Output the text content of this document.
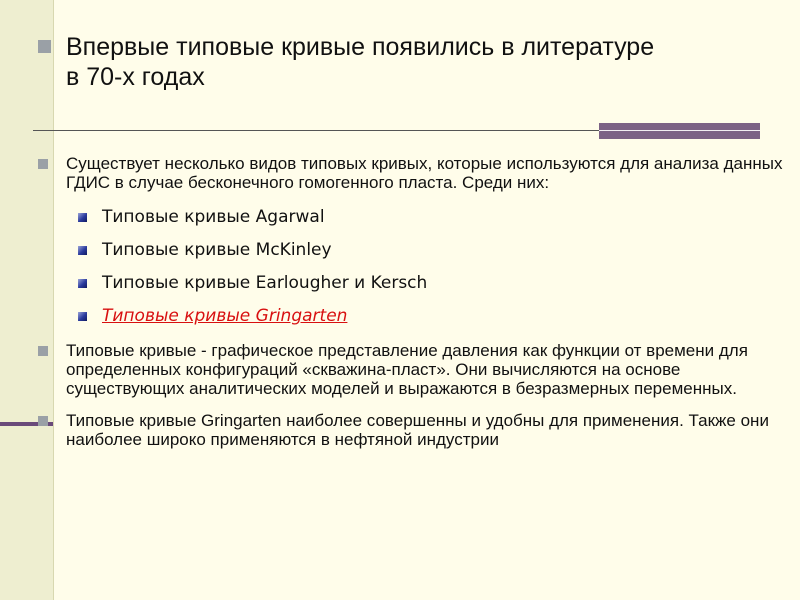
Впервые типовые кривые появились в литературе в 70-х годах
Существует несколько видов типовых кривых, которые используются для анализа данных ГДИС в случае бесконечного гомогенного пласта. Среди них:
Типовые кривые Agarwal
Типовые кривые McKinley
Типовые кривые Earlougher и Kersch
Типовые кривые Gringarten
Типовые кривые - графическое представление давления как функции от времени для определенных конфигураций «скважина-пласт». Они вычисляются на основе существующих аналитических моделей и выражаются в безразмерных переменных.
Типовые кривые Gringarten наиболее совершенны и удобны для применения. Также они наиболее широко применяются в нефтяной индустрии
